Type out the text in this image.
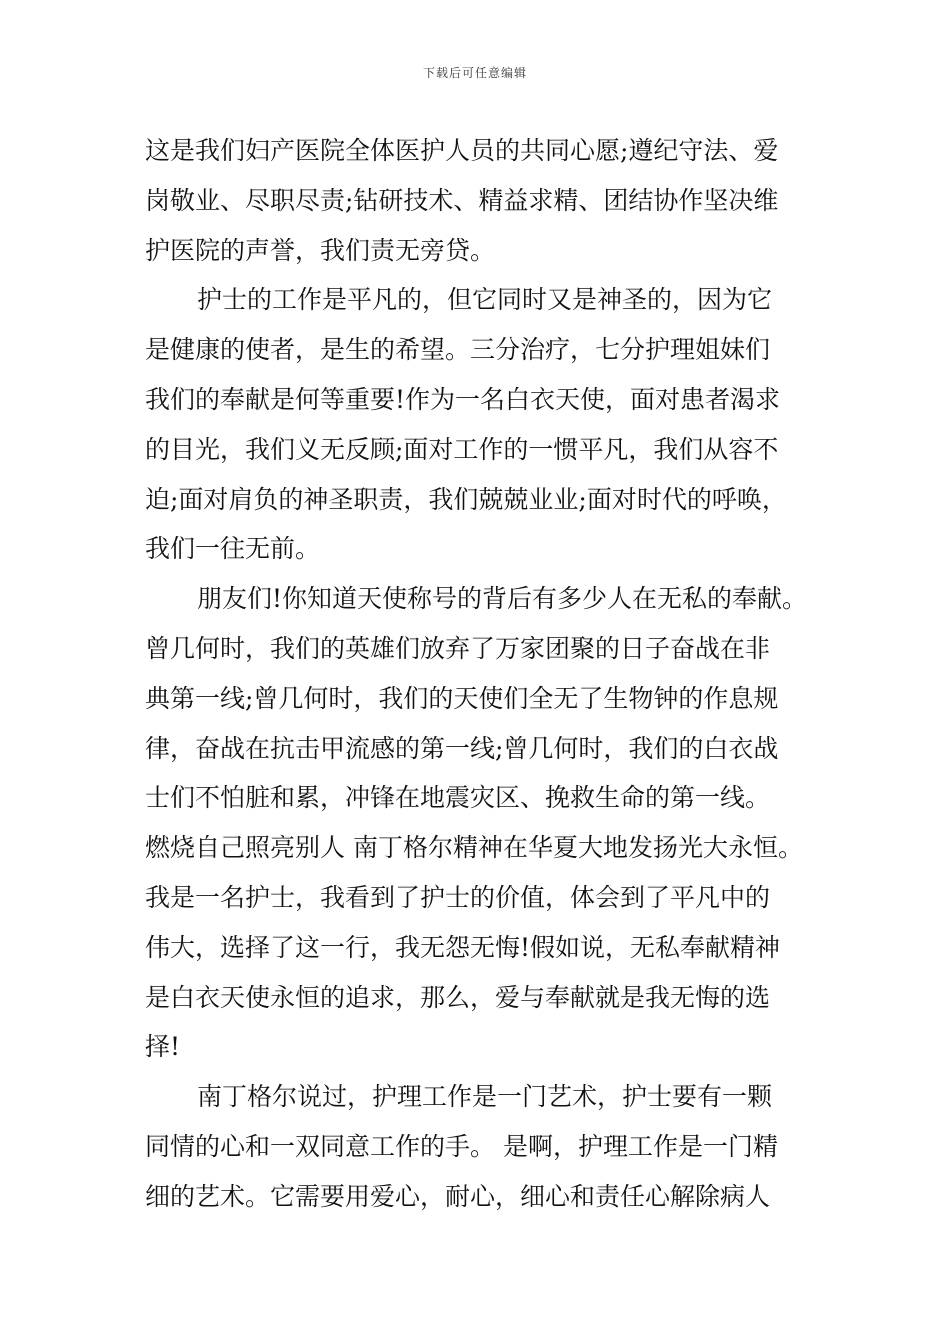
下载后可任意编辑
这是我们妇产医院全体医护人员的共同心愿;遵纪守法、爱
岗敬业、尽职尽责;钻研技术、精益求精、团结协作坚决维
护医院的声誉，我们责无旁贷。
护士的工作是平凡的，但它同时又是神圣的，因为它
是健康的使者，是生的希望。三分治疗，七分护理姐妹们
我们的奉献是何等重要!作为一名白衣天使，面对患者渴求
的目光，我们义无反顾;面对工作的一惯平凡，我们从容不
迫;面对肩负的神圣职责，我们兢兢业业;面对时代的呼唤，
我们一往无前。
朋友们!你知道天使称号的背后有多少人在无私的奉献。
曾几何时，我们的英雄们放弃了万家团聚的日子奋战在非
典第一线;曾几何时，我们的天使们全无了生物钟的作息规
律，奋战在抗击甲流感的第一线;曾几何时，我们的白衣战
士们不怕脏和累，冲锋在地震灾区、挽救生命的第一线。
燃烧自己照亮别人 南丁格尔精神在华夏大地发扬光大永恒。
我是一名护士，我看到了护士的价值，体会到了平凡中的
伟大，选择了这一行，我无怨无悔!假如说，无私奉献精神
是白衣天使永恒的追求，那么，爱与奉献就是我无悔的选
择!
南丁格尔说过，护理工作是一门艺术，护士要有一颗
同情的心和一双同意工作的手。 是啊，护理工作是一门精
细的艺术。它需要用爱心，耐心，细心和责任心解除病人
